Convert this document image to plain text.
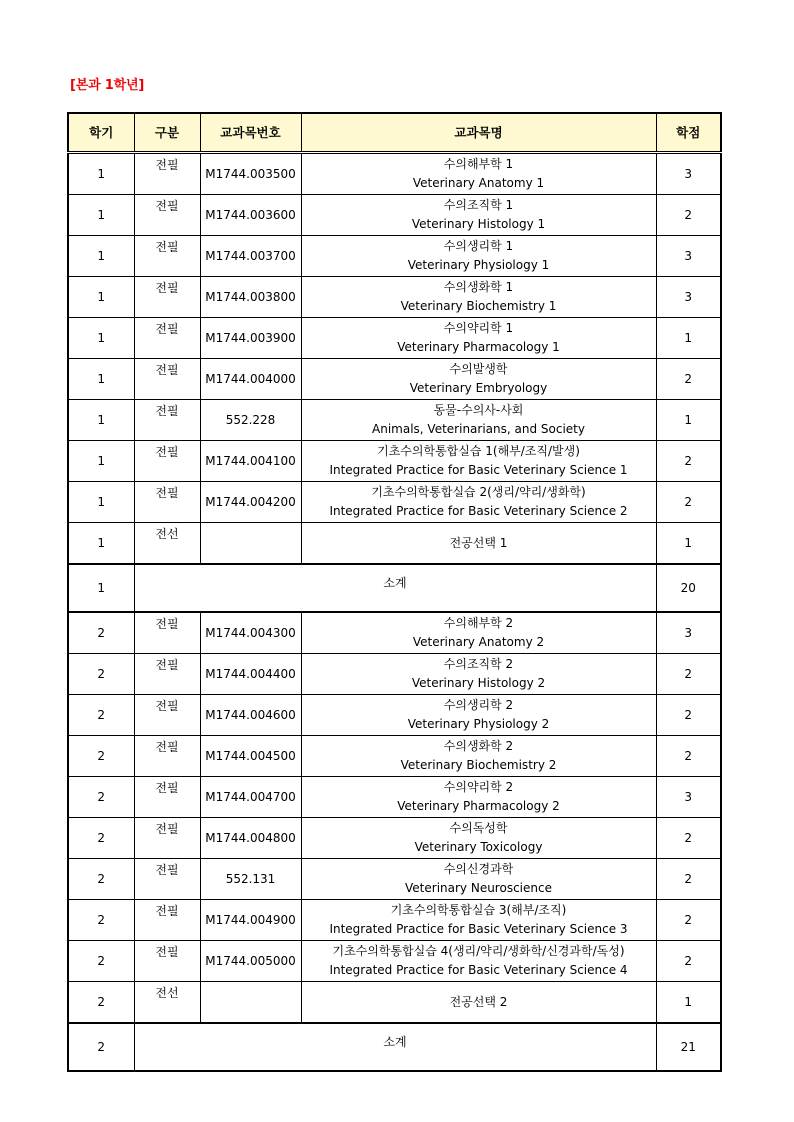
[본과 1학년]
학기	구분	교과목번호	교과목명	학점
1	전필	M1744.003500	수의해부학 1
Veterinary Anatomy 1	3
1	전필	M1744.003600	수의조직학 1
Veterinary Histology 1	2
1	전필	M1744.003700	수의생리학 1
Veterinary Physiology 1	3
1	전필	M1744.003800	수의생화학 1
Veterinary Biochemistry 1	3
1	전필	M1744.003900	수의약리학 1
Veterinary Pharmacology 1	1
1	전필	M1744.004000	수의발생학
Veterinary Embryology	2
1	전필	552.228	동물-수의사-사회
Animals, Veterinarians, and Society	1
1	전필	M1744.004100	기초수의학통합실습 1(해부/조직/발생)
Integrated Practice for Basic Veterinary Science 1	2
1	전필	M1744.004200	기초수의학통합실습 2(생리/약리/생화학)
Integrated Practice for Basic Veterinary Science 2	2
1	전선		전공선택 1	1
1	소계			20
2	전필	M1744.004300	수의해부학 2
Veterinary Anatomy 2	3
2	전필	M1744.004400	수의조직학 2
Veterinary Histology 2	2
2	전필	M1744.004600	수의생리학 2
Veterinary Physiology 2	2
2	전필	M1744.004500	수의생화학 2
Veterinary Biochemistry 2	2
2	전필	M1744.004700	수의약리학 2
Veterinary Pharmacology 2	3
2	전필	M1744.004800	수의독성학
Veterinary Toxicology	2
2	전필	552.131	수의신경과학
Veterinary Neuroscience	2
2	전필	M1744.004900	기초수의학통합실습 3(해부/조직)
Integrated Practice for Basic Veterinary Science 3	2
2	전필	M1744.005000	기초수의학통합실습 4(생리/약리/생화학/신경과학/독성)
Integrated Practice for Basic Veterinary Science 4	2
2	전선		전공선택 2	1
2	소계			21
